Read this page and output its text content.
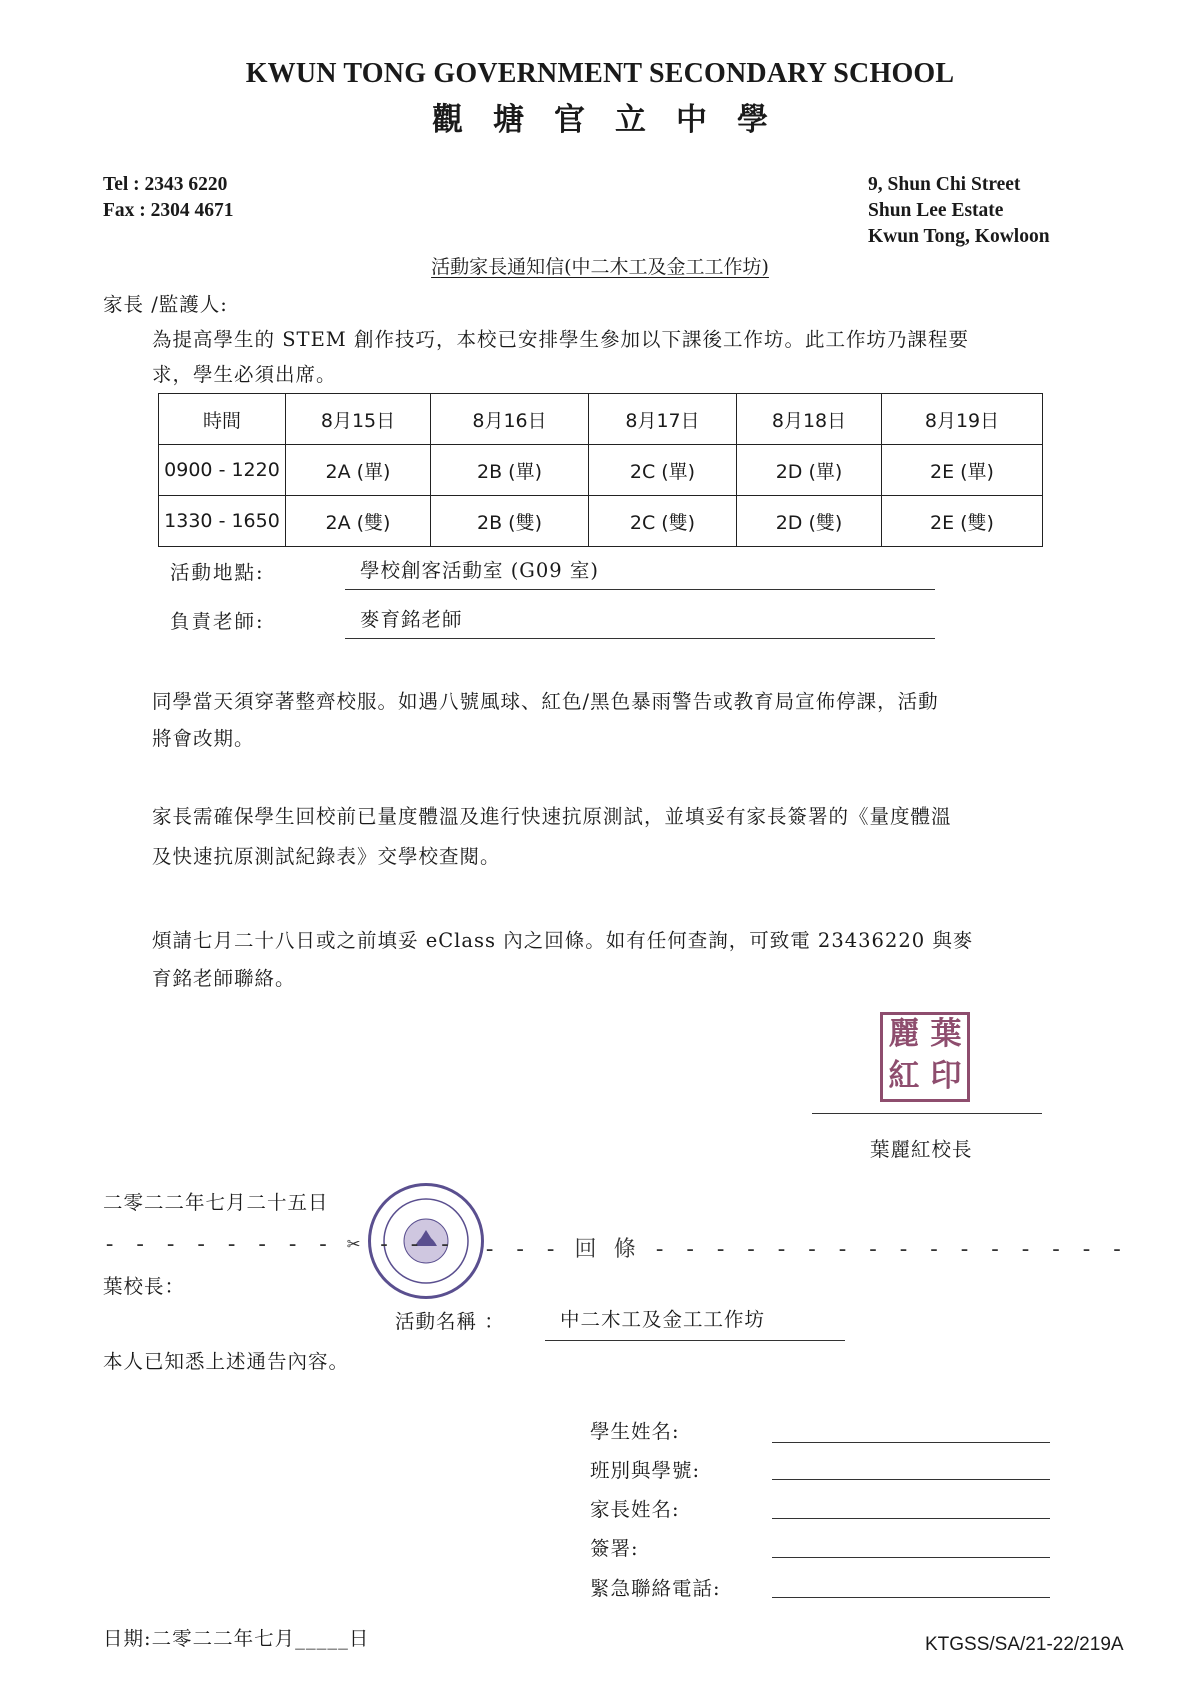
KWUN TONG GOVERNMENT SECONDARY SCHOOL
觀塘官立中學
Tel : 2343 6220
Fax : 2304 4671
9, Shun Chi Street
Shun Lee Estate
Kwun Tong, Kowloon
活動家長通知信(中二木工及金工工作坊)
家長 /監護人:
為提高學生的 STEM 創作技巧，本校已安排學生參加以下課後工作坊。此工作坊乃課程要
求，學生必須出席。
時間	8月15日	8月16日	8月17日	8月18日	8月19日
0900 - 1220	2A (單)	2B (單)	2C (單)	2D (單)	2E (單)
1330 - 1650	2A (雙)	2B (雙)	2C (雙)	2D (雙)	2E (雙)
活動地點:	學校創客活動室 (G09 室)
負責老師:	麥育銘老師
同學當天須穿著整齊校服。如遇八號風球、紅色/黑色暴雨警告或教育局宣佈停課，活動
將會改期。
家長需確保學生回校前已量度體溫及進行快速抗原測試，並填妥有家長簽署的《量度體溫
及快速抗原測試紀錄表》交學校查閱。
煩請七月二十八日或之前填妥 eClass 內之回條。如有任何查詢，可致電 23436220 與麥
育銘老師聯絡。
麗 葉
紅 印
葉麗紅校長
二零二二年七月二十五日
- - - - - - - - ✂ - - - - - - 回 條 - - - - - - - - - - - - - - - -
葉校長：
活動名稱 ：	中二木工及金工工作坊
本人已知悉上述通告內容。
學生姓名:
班別與學號:
家長姓名:
簽署:
緊急聯絡電話:
日期:二零二二年七月_____日	KTGSS/SA/21-22/219A
